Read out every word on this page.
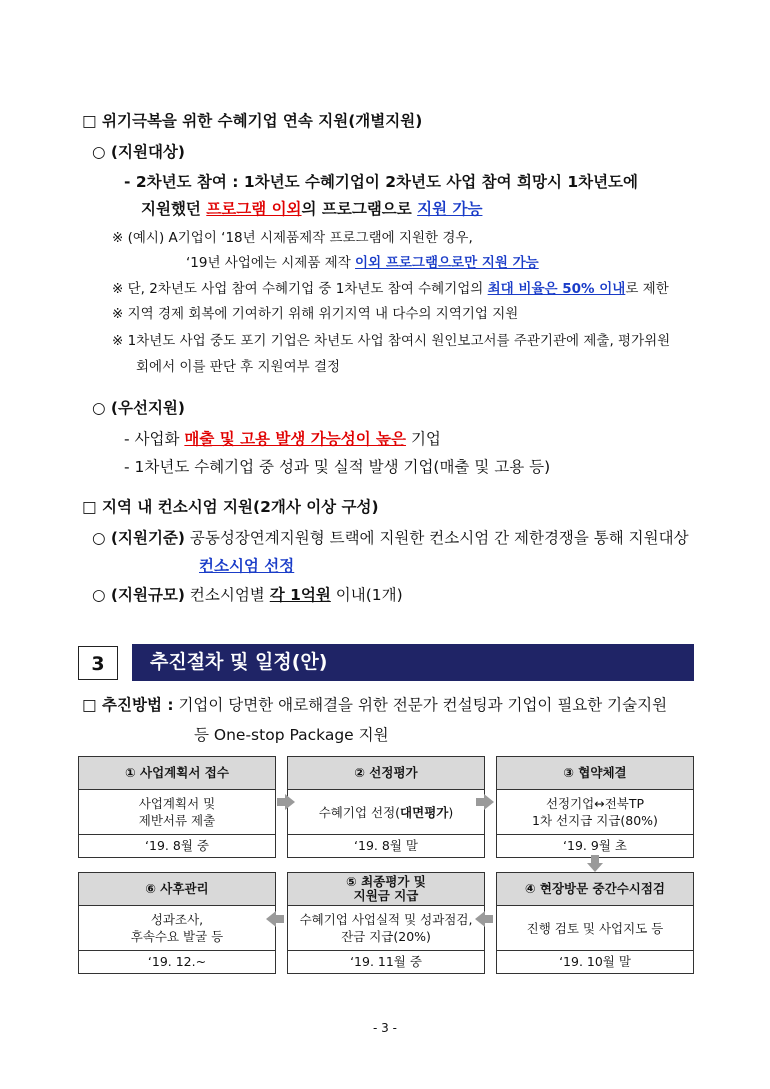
□ 위기극복을 위한 수혜기업 연속 지원(개별지원)
○ (지원대상)
- 2차년도 참여 : 1차년도 수혜기업이 2차년도 사업 참여 희망시 1차년도에
지원했던 프로그램 이외의 프로그램으로 지원 가능
※ (예시) A기업이 ‘18년 시제품제작 프로그램에 지원한 경우,
‘19년 사업에는 시제품 제작 이외 프로그램으로만 지원 가능
※ 단, 2차년도 사업 참여 수혜기업 중 1차년도 참여 수혜기업의 최대 비율은 50% 이내로 제한
※ 지역 경제 회복에 기여하기 위해 위기지역 내 다수의 지역기업 지원
※ 1차년도 사업 중도 포기 기업은 차년도 사업 참여시 원인보고서를 주관기관에 제출, 평가위원
회에서 이를 판단 후 지원여부 결정
○ (우선지원)
- 사업화 매출 및 고용 발생 가능성이 높은 기업
- 1차년도 수혜기업 중 성과 및 실적 발생 기업(매출 및 고용 등)
□ 지역 내 컨소시엄 지원(2개사 이상 구성)
○ (지원기준) 공동성장연계지원형 트랙에 지원한 컨소시엄 간 제한경쟁을 통해 지원대상
컨소시엄 선정
○ (지원규모) 컨소시엄별 각 1억원 이내(1개)
3	추진절차 및 일정(안)
□ 추진방법 : 기업이 당면한 애로해결을 위한 전문가 컨설팅과 기업이 필요한 기술지원
등 One-stop Package 지원
① 사업계획서 접수
사업계획서 및
제반서류 제출
‘19. 8월 중
② 선정평가
수혜기업 선정(대면평가)
‘19. 8월 말
③ 협약체결
선정기업↔전북TP
1차 선지급 지급(80%)
‘19. 9월 초
⑥ 사후관리
성과조사,
후속수요 발굴 등
‘19. 12.~
⑤ 최종평가 및
지원금 지급
수혜기업 사업실적 및 성과점검,
잔금 지급(20%)
‘19. 11월 중
④ 현장방문 중간수시점검
진행 검토 및 사업지도 등
‘19. 10월 말
- 3 -
